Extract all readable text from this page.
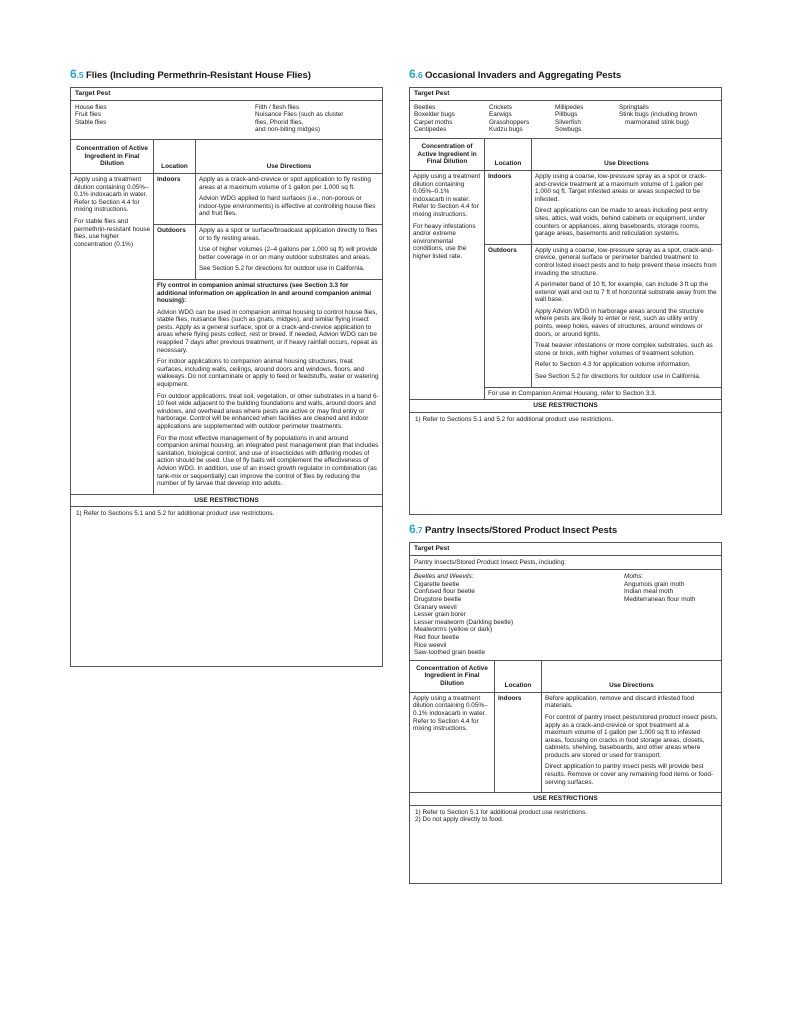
6.5 Flies (Including Permethrin-Resistant House Flies)
Target Pest
House flies
Fruit flies
Stable flies
Filth / flesh flies
Nuisance Flies (such as cluster
flies, Phorid flies,
and non-biting midges)
Concentration of Active Ingredient in Final Dilution	Location	Use Directions

Apply using a treatment dilution containing 0.05%–0.1% indoxacarb in water. Refer to Section 4.4 for mixing instructions.

For stable flies and permethrin-resistant house flies, use higher concentration (0.1%)

Indoors	Apply as a crack-and-crevice or spot application to fly resting areas at a maximum volume of 1 gallon per 1,000 sq ft.

Advion WDG applied to hard surfaces (i.e., non-porous or indoor-type environments) is effective at controlling house flies and fruit flies.

Outdoors	Apply as a spot or surface/broadcast application directly to flies or to fly resting areas.

Use of higher volumes (2–4 gallons per 1,000 sq ft) will provide better coverage in or on many outdoor substrates and areas.

See Section 5.2 for directions for outdoor use in California.

Fly control in companion animal structures (see Section 3.3 for additional information on application in and around companion animal housing):

Advion WDG can be used in companion animal housing to control house flies, stable flies, nuisance flies (such as gnats, midges), and similar flying insect pests. Apply as a general surface, spot or a crack-and-crevice application to areas where flying pests collect, rest or breed. If needed, Advion WDG can be reapplied 7 days after previous treatment, or if heavy rainfall occurs, repeat as necessary.

For indoor applications to companion animal housing structures, treat surfaces, including walls, ceilings, around doors and windows, floors, and walkways. Do not contaminate or apply to feed or feedstuffs, water or watering equipment.

For outdoor applications, treat soil, vegetation, or other substrates in a band 6-10 feet wide adjacent to the building foundations and walls, around doors and windows, and overhead areas where pests are active or may find entry or harborage. Control will be enhanced when facilities are cleaned and indoor applications are supplemented with outdoor perimeter treatments.

For the most effective management of fly populations in and around companion animal housing, an integrated pest management plan that includes sanitation, biological control, and use of insecticides with differing modes of action should be used. Use of fly baits will complement the effectiveness of Advion WDG. In addition, use of an insect growth regulator in combination (as tank-mix or sequentially) can improve the control of flies by reducing the number of fly larvae that develop into adults.

USE RESTRICTIONS
1) Refer to Sections 5.1 and 5.2 for additional product use restrictions.
6.6 Occasional Invaders and Aggregating Pests
Target Pest
Beetles
Boxelder bugs
Carpet moths
Centipedes
Crickets
Earwigs
Grasshoppers
Kudzu bugs
Millipedes
Pillbugs
Silverfish
Sowbugs
Springtails
Stink bugs (including brown
marmorated stink bug)
Concentration of Active Ingredient in Final Dilution	Location	Use Directions

Apply using a treatment dilution containing 0.05%–0.1% indoxacarb in water. Refer to Section 4.4 for mixing instructions.

For heavy infestations and/or extreme environmental conditions, use the higher listed rate.

Indoors	Apply using a coarse, low-pressure spray as a spot or crack-and-crevice treatment at a maximum volume of 1 gallon per 1,000 sq ft. Target infested areas or areas suspected to be infested.

Direct applications can be made to areas including pest entry sites, attics, wall voids, behind cabinets or equipment, under counters or appliances, along baseboards, storage rooms, garage areas, basements and reticulation systems.

Outdoors	Apply using a coarse, low-pressure spray as a spot, crack-and-crevice, general surface or perimeter banded treatment to control listed insect pests and to help prevent these insects from invading the structure.

A perimeter band of 10 ft, for example, can include 3 ft up the exterior wall and out to 7 ft of horizontal substrate away from the wall base.

Apply Advion WDG in harborage areas around the structure where pests are likely to enter or rest, such as utility entry points, weep holes, eaves of structures, around windows or doors, or around lights.

Treat heavier infestations or more complex substrates, such as stone or brick, with higher volumes of treatment solution.

Refer to Section 4.3 for application volume information.

See Section 5.2 for directions for outdoor use in California.

For use in Companion Animal Housing, refer to Section 3.3.
USE RESTRICTIONS
1) Refer to Sections 5.1 and 5.2 for additional product use restrictions.
6.7 Pantry Insects/Stored Product Insect Pests
Target Pest
Pantry Insects/Stored Product Insect Pests, including:
Beetles and Weevils:
Cigarette beetle
Confused flour beetle
Drugstore beetle
Granary weevil
Lesser grain borer
Lesser mealworm (Darkling beetle)
Mealworms (yellow or dark)
Red flour beetle
Rice weevil
Saw-toothed grain beetle
Moths:
Angumois grain moth
Indian meal moth
Mediterranean flour moth
Concentration of Active Ingredient in Final Dilution	Location	Use Directions

Apply using a treatment dilution containing 0.05%–0.1% indoxacarb in water. Refer to Section 4.4 for mixing instructions.

Indoors	Before application, remove and discard infested food materials.

For control of pantry insect pests/stored product insect pests, apply as a crack-and-crevice or spot treatment at a maximum volume of 1 gallon per 1,000 sq ft to infested areas, focusing on cracks in food storage areas, closets, cabinets, shelving, baseboards, and other areas where products are stored or used for transport.

Direct application to pantry insect pests will provide best results. Remove or cover any remaining food items or food-serving surfaces.

USE RESTRICTIONS
1) Refer to Section 5.1 for additional product use restrictions.
2) Do not apply directly to food.
